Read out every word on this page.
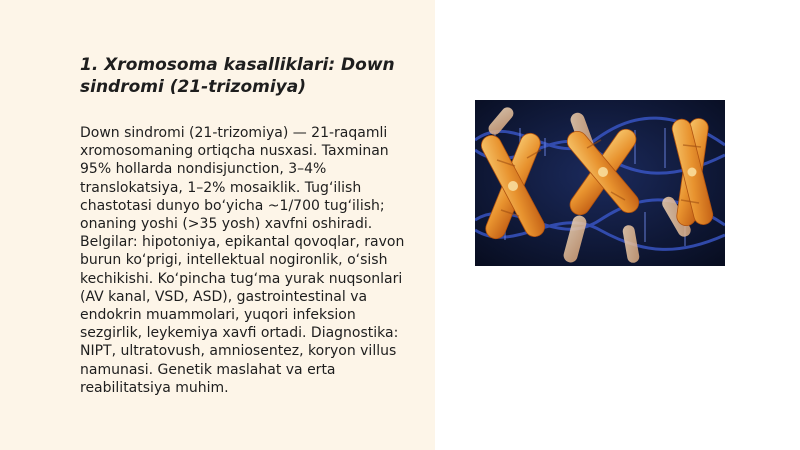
1. Xromosoma kasalliklari: Down sindromi (21-trizomiya)

Down sindromi (21-trizomiya) — 21-raqamli xromosomaning ortiqcha nusxasi. Taxminan 95% hollarda nondisjunction, 3–4% translokatsiya, 1–2% mosaiklik. Tug‘ilish chastotasi dunyo bo‘yicha ~1/700 tug‘ilish; onaning yoshi (>35 yosh) xavfni oshiradi. Belgilar: hipotoniya, epikantal qovoqlar, ravon burun ko‘prigi, intellektual nogironlik, o‘sish kechikishi. Ko‘pincha tug‘ma yurak nuqsonlari (AV kanal, VSD, ASD), gastrointestinal va endokrin muammolari, yuqori infeksion sezgirlik, leykemiya xavfi ortadi. Diagnostika: NIPT, ultratovush, amniosentez, koryon villus namunasi. Genetik maslahat va erta reabilitatsiya muhim.
